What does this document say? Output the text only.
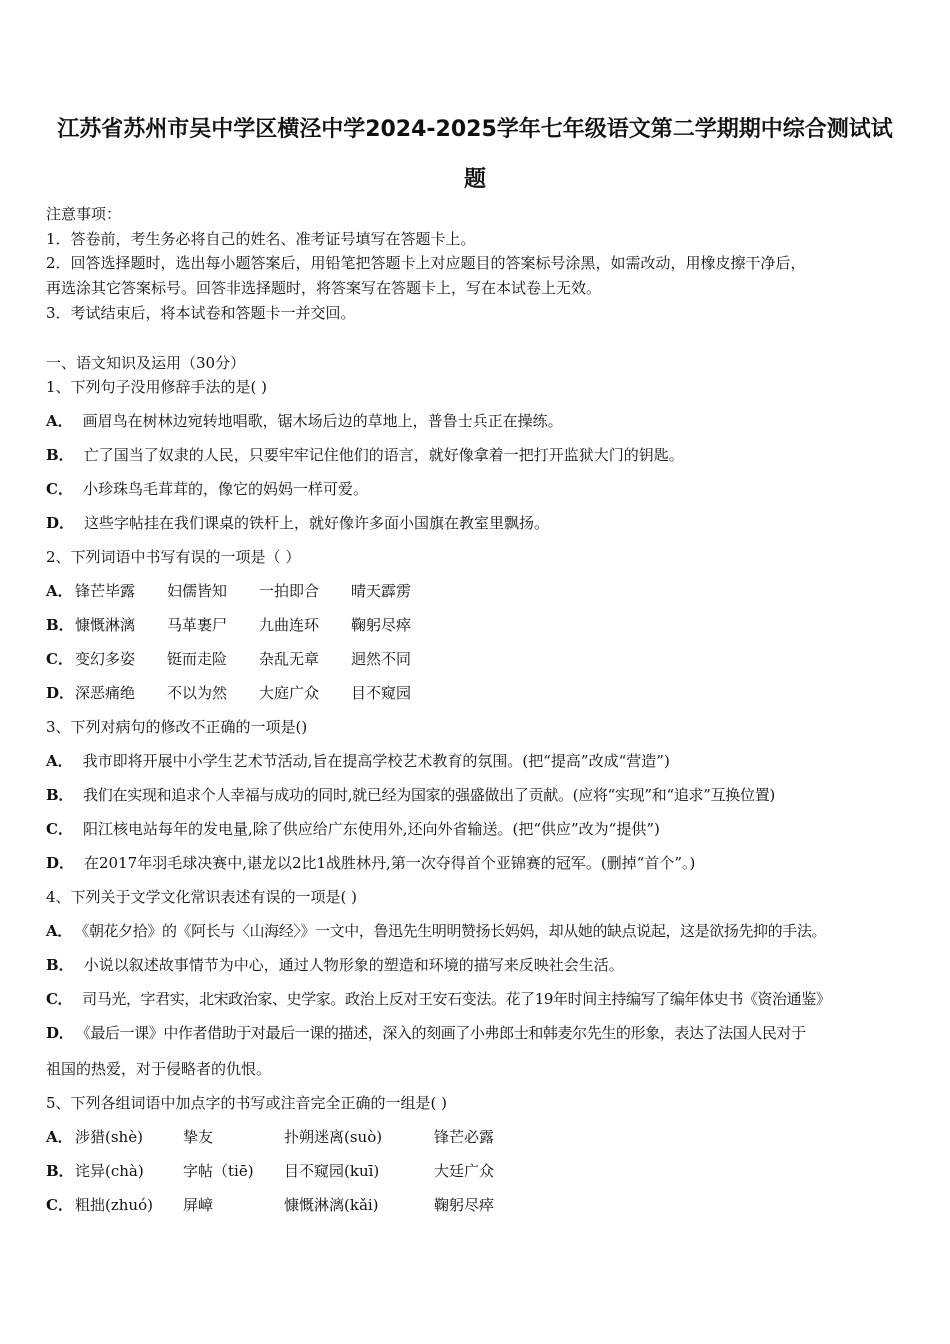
江苏省苏州市吴中学区横泾中学2024-2025学年七年级语文第二学期期中综合测试试
题
注意事项：
1．答卷前，考生务必将自己的姓名、准考证号填写在答题卡上。
2．回答选择题时，选出每小题答案后，用铅笔把答题卡上对应题目的答案标号涂黑，如需改动，用橡皮擦干净后，
再选涂其它答案标号。回答非选择题时，将答案写在答题卡上，写在本试卷上无效。
3．考试结束后，将本试卷和答题卡一并交回。
一、语文知识及运用（30分）
1、下列句子没用修辞手法的是( )
A． 画眉鸟在树林边宛转地唱歌，锯木场后边的草地上，普鲁士兵正在操练。
B． 亡了国当了奴隶的人民，只要牢牢记住他们的语言，就好像拿着一把打开监狱大门的钥匙。
C． 小珍珠鸟毛茸茸的，像它的妈妈一样可爱。
D． 这些字帖挂在我们课桌的铁杆上，就好像许多面小国旗在教室里飘扬。
2、下列词语中书写有误的一项是（ ）
A． 锋芒毕露 妇儒皆知 一拍即合 晴天霹雳
B． 慷慨淋漓 马革裹尸 九曲连环 鞠躬尽瘁
C． 变幻多姿 铤而走险 杂乱无章 迥然不同
D． 深恶痛绝 不以为然 大庭广众 目不窥园
3、下列对病句的修改不正确的一项是()
A． 我市即将开展中小学生艺术节活动,旨在提高学校艺术教育的氛围。(把“提高”改成“营造”)
B． 我们在实现和追求个人幸福与成功的同时,就已经为国家的强盛做出了贡献。(应将“实现”和“追求”互换位置)
C． 阳江核电站每年的发电量,除了供应给广东使用外,还向外省输送。(把“供应”改为“提供”)
D． 在2017年羽毛球决赛中,谌龙以2比1战胜林丹,第一次夺得首个亚锦赛的冠军。(删掉“首个”。)
4、下列关于文学文化常识表述有误的一项是( )
A． 《朝花夕拾》的《阿长与〈山海经〉》一文中，鲁迅先生明明赞扬长妈妈，却从她的缺点说起，这是欲扬先抑的手法。
B． 小说以叙述故事情节为中心，通过人物形象的塑造和环境的描写来反映社会生活。
C． 司马光，字君实，北宋政治家、史学家。政治上反对王安石变法。花了19年时间主持编写了编年体史书《资治通鉴》
D． 《最后一课》中作者借助于对最后一课的描述，深入的刻画了小弗郎士和韩麦尔先生的形象，表达了法国人民对于
祖国的热爱，对于侵略者的仇恨。
5、下列各组词语中加点字的书写或注音完全正确的一组是( )
A． 涉猎(shè)	挚友	扑朔迷离(suò)	锋芒必露
B． 诧异(chà)	字帖（tiē) 目不窥园(kuī)	大廷广众
C． 粗拙(zhuó) 屏嶂	慷慨淋漓(kǎi)	鞠躬尽瘁
